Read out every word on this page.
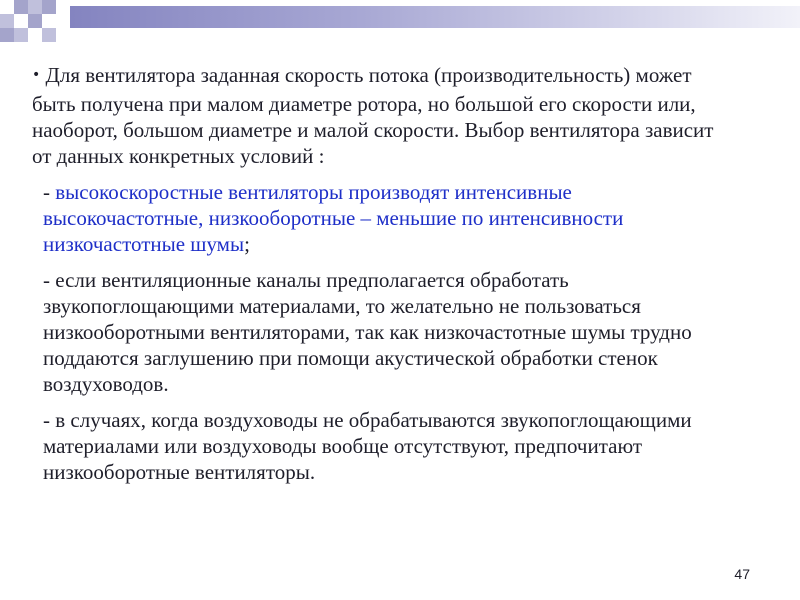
• Для вентилятора заданная скорость потока (производительность) может быть получена при малом диаметре ротора, но большой его скорости или, наоборот, большом диаметре и малой скорости. Выбор вентилятора зависит от данных конкретных условий :

- высокоскоростные вентиляторы производят интенсивные высокочастотные, низкооборотные – меньшие по интенсивности низкочастотные шумы;
- если вентиляционные каналы предполагается обработать звукопоглощающими материалами, то желательно не пользоваться низкооборотными вентиляторами, так как низкочастотные шумы трудно поддаются заглушению при помощи акустической обработки стенок воздуховодов.
- в случаях, когда воздуховоды не обрабатываются звукопоглощающими материалами или воздуховоды вообще отсутствуют, предпочитают низкооборотные вентиляторы.
47
